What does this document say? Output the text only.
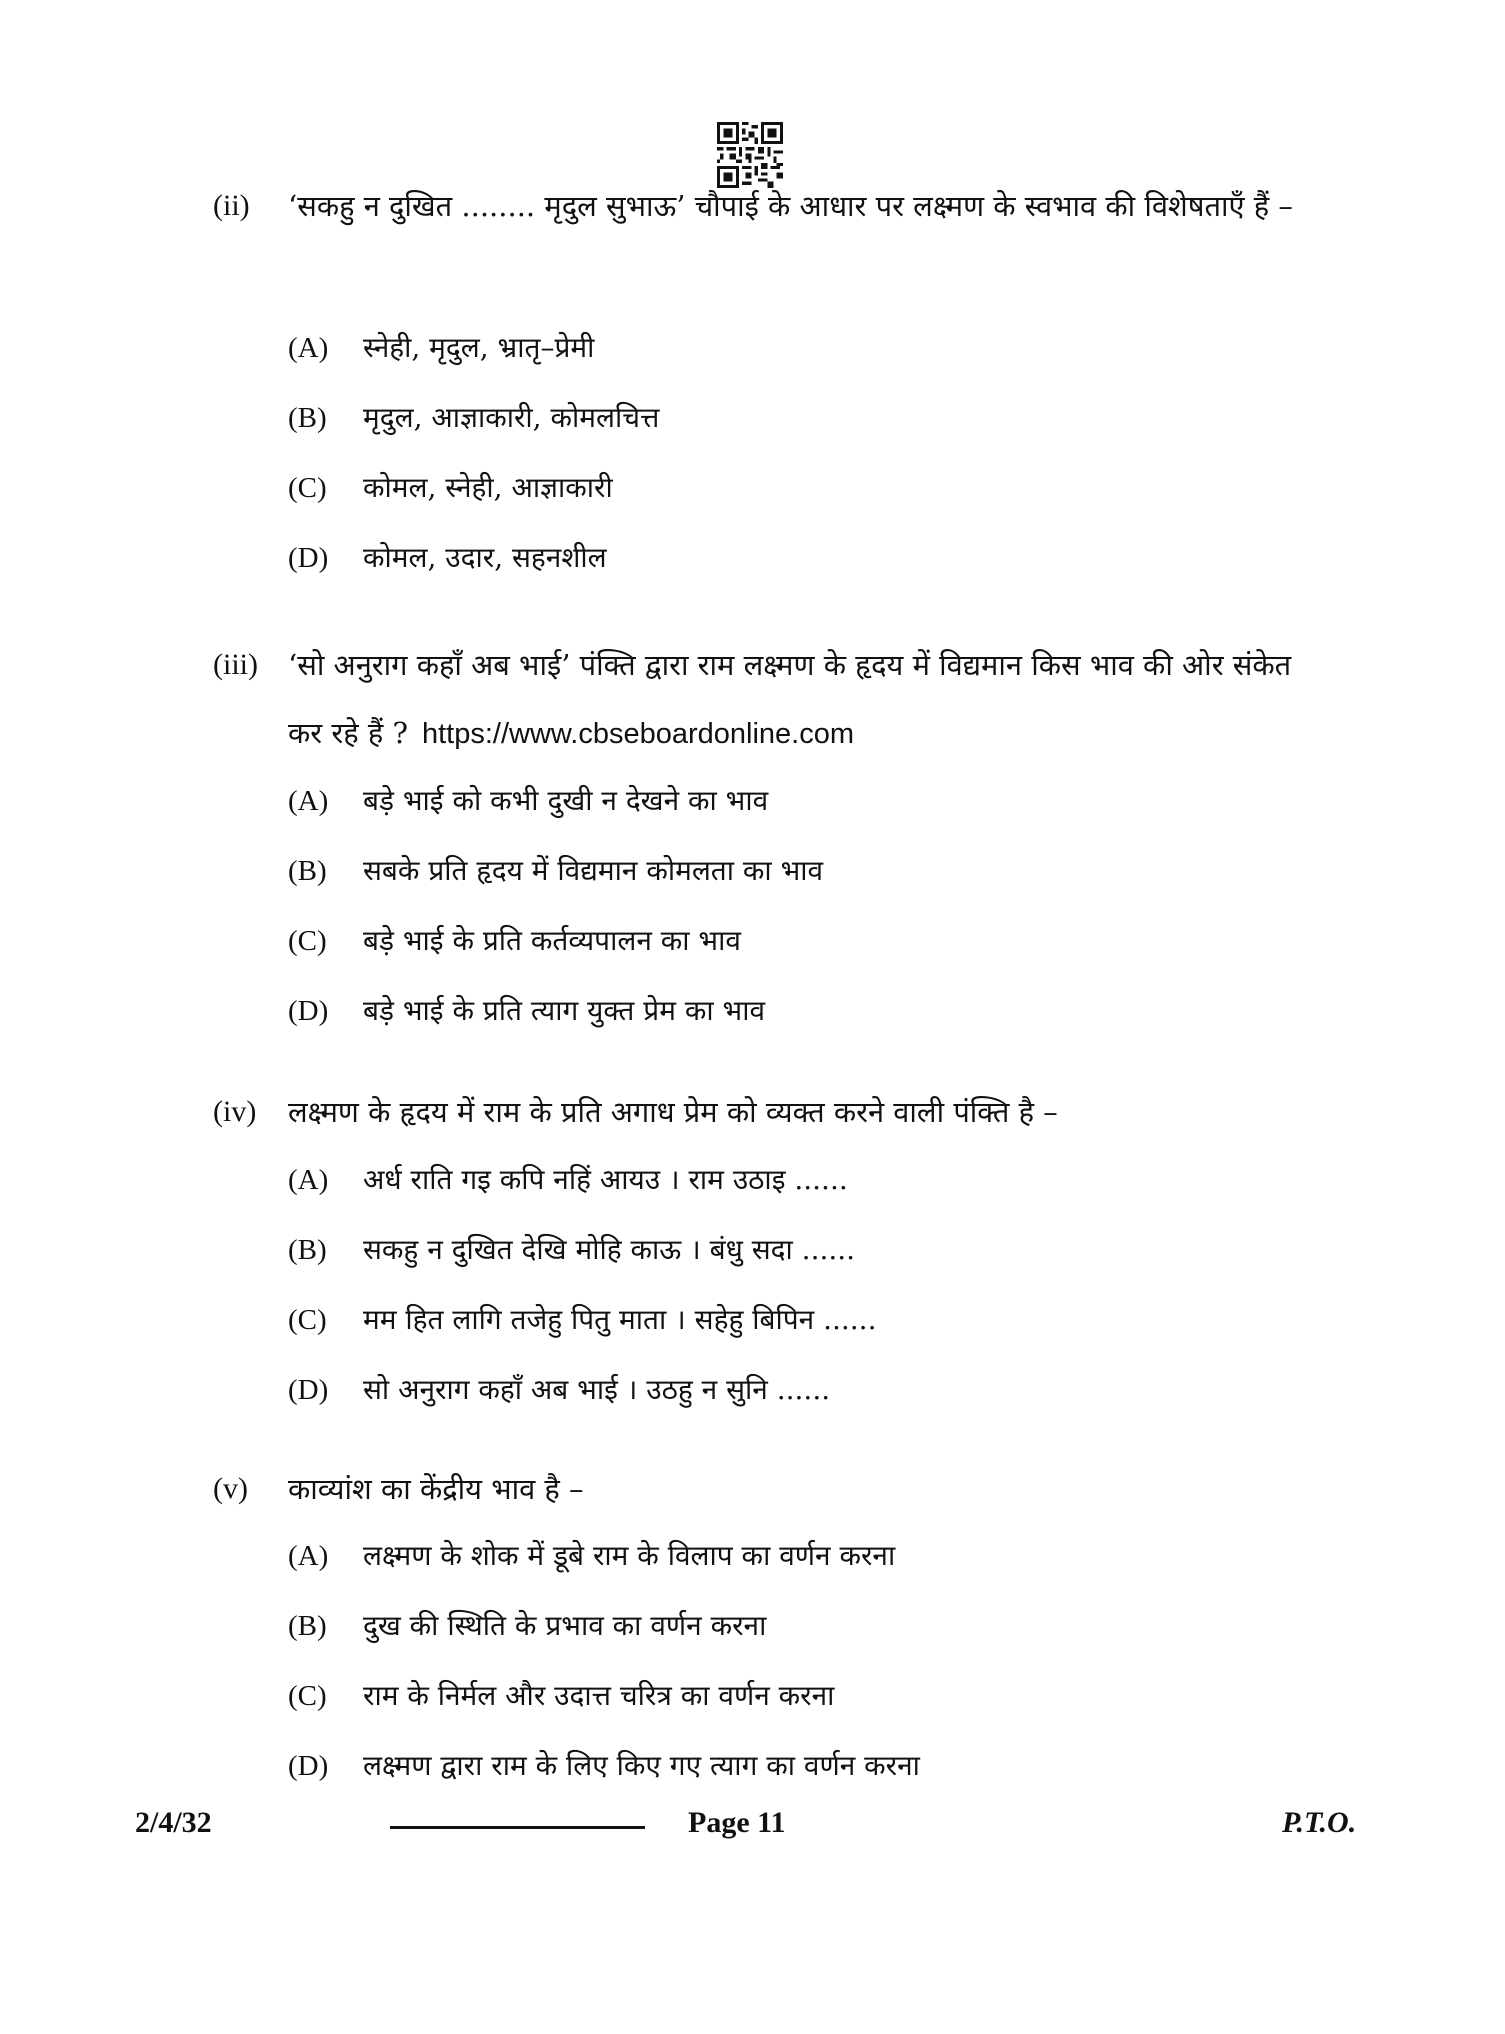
(ii) ‘सकहु न दुखित ........ मृदुल सुभाऊ’ चौपाई के आधार पर लक्ष्मण के स्वभाव की विशेषताएँ हैं –
(A) स्नेही, मृदुल, भ्रातृ–प्रेमी
(B) मृदुल, आज्ञाकारी, कोमलचित्त
(C) कोमल, स्नेही, आज्ञाकारी
(D) कोमल, उदार, सहनशील
(iii) ‘सो अनुराग कहाँ अब भाई’ पंक्ति द्वारा राम लक्ष्मण के हृदय में विद्यमान किस भाव की ओर संकेत कर रहे हैं ? https://www.cbseboardonline.com
(A) बड़े भाई को कभी दुखी न देखने का भाव
(B) सबके प्रति हृदय में विद्यमान कोमलता का भाव
(C) बड़े भाई के प्रति कर्तव्यपालन का भाव
(D) बड़े भाई के प्रति त्याग युक्त प्रेम का भाव
(iv) लक्ष्मण के हृदय में राम के प्रति अगाध प्रेम को व्यक्त करने वाली पंक्ति है –
(A) अर्ध राति गइ कपि नहिं आयउ । राम उठाइ ......
(B) सकहु न दुखित देखि मोहि काऊ । बंधु सदा ......
(C) मम हित लागि तजेहु पितु माता । सहेहु बिपिन ......
(D) सो अनुराग कहाँ अब भाई । उठहु न सुनि ......
(v) काव्यांश का केंद्रीय भाव है –
(A) लक्ष्मण के शोक में डूबे राम के विलाप का वर्णन करना
(B) दुख की स्थिति के प्रभाव का वर्णन करना
(C) राम के निर्मल और उदात्त चरित्र का वर्णन करना
(D) लक्ष्मण द्वारा राम के लिए किए गए त्याग का वर्णन करना
2/4/32	Page 11	P.T.O.
